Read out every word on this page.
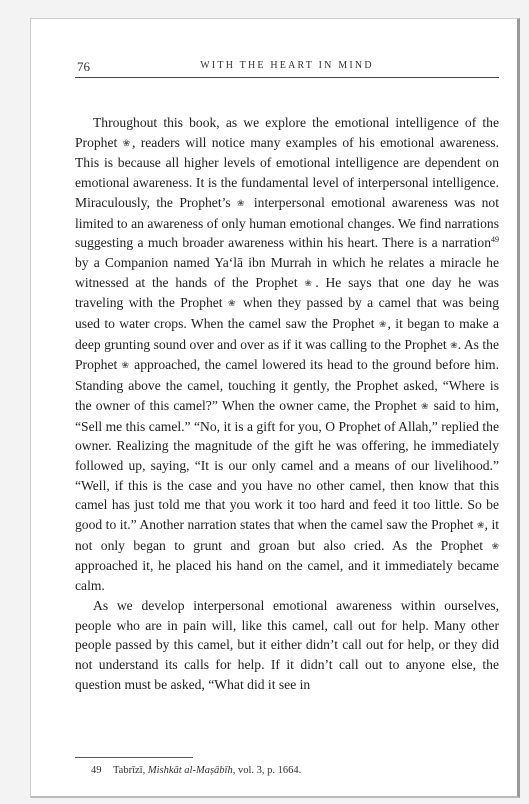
76	WITH THE HEART IN MIND

Throughout this book, as we explore the emotional intelligence of the Prophet ❀, readers will notice many examples of his emotional awareness. This is because all higher levels of emotional intelligence are dependent on emotional awareness. It is the fundamental level of interpersonal intelligence. Miraculously, the Prophet’s ❀ interpersonal emotional awareness was not limited to an awareness of only human emotional changes. We find narrations suggesting a much broader awareness within his heart. There is a narration$^{49}$ by a Companion named Ya‘lā ibn Murrah in which he relates a miracle he witnessed at the hands of the Prophet ❀. He says that one day he was traveling with the Prophet ❀ when they passed by a camel that was being used to water crops. When the camel saw the Prophet ❀, it began to make a deep grunting sound over and over as if it was calling to the Prophet ❀. As the Prophet ❀ approached, the camel lowered its head to the ground before him. Standing above the camel, touching it gently, the Prophet asked, “Where is the owner of this camel?” When the owner came, the Prophet ❀ said to him, “Sell me this camel.” “No, it is a gift for you, O Prophet of Allah,” replied the owner. Realizing the magnitude of the gift he was offering, he immediately followed up, saying, “It is our only camel and a means of our livelihood.” “Well, if this is the case and you have no other camel, then know that this camel has just told me that you work it too hard and feed it too little. So be good to it.” Another narration states that when the camel saw the Prophet ❀, it not only began to grunt and groan but also cried. As the Prophet ❀ approached it, he placed his hand on the camel, and it immediately became calm.

As we develop interpersonal emotional awareness within ourselves, people who are in pain will, like this camel, call out for help. Many other people passed by this camel, but it either didn’t call out for help, or they did not understand its calls for help. If it didn’t call out to anyone else, the question must be asked, “What did it see in

49 Tabrīzī, Mishkāt al-Maṣābīh, vol. 3, p. 1664.
